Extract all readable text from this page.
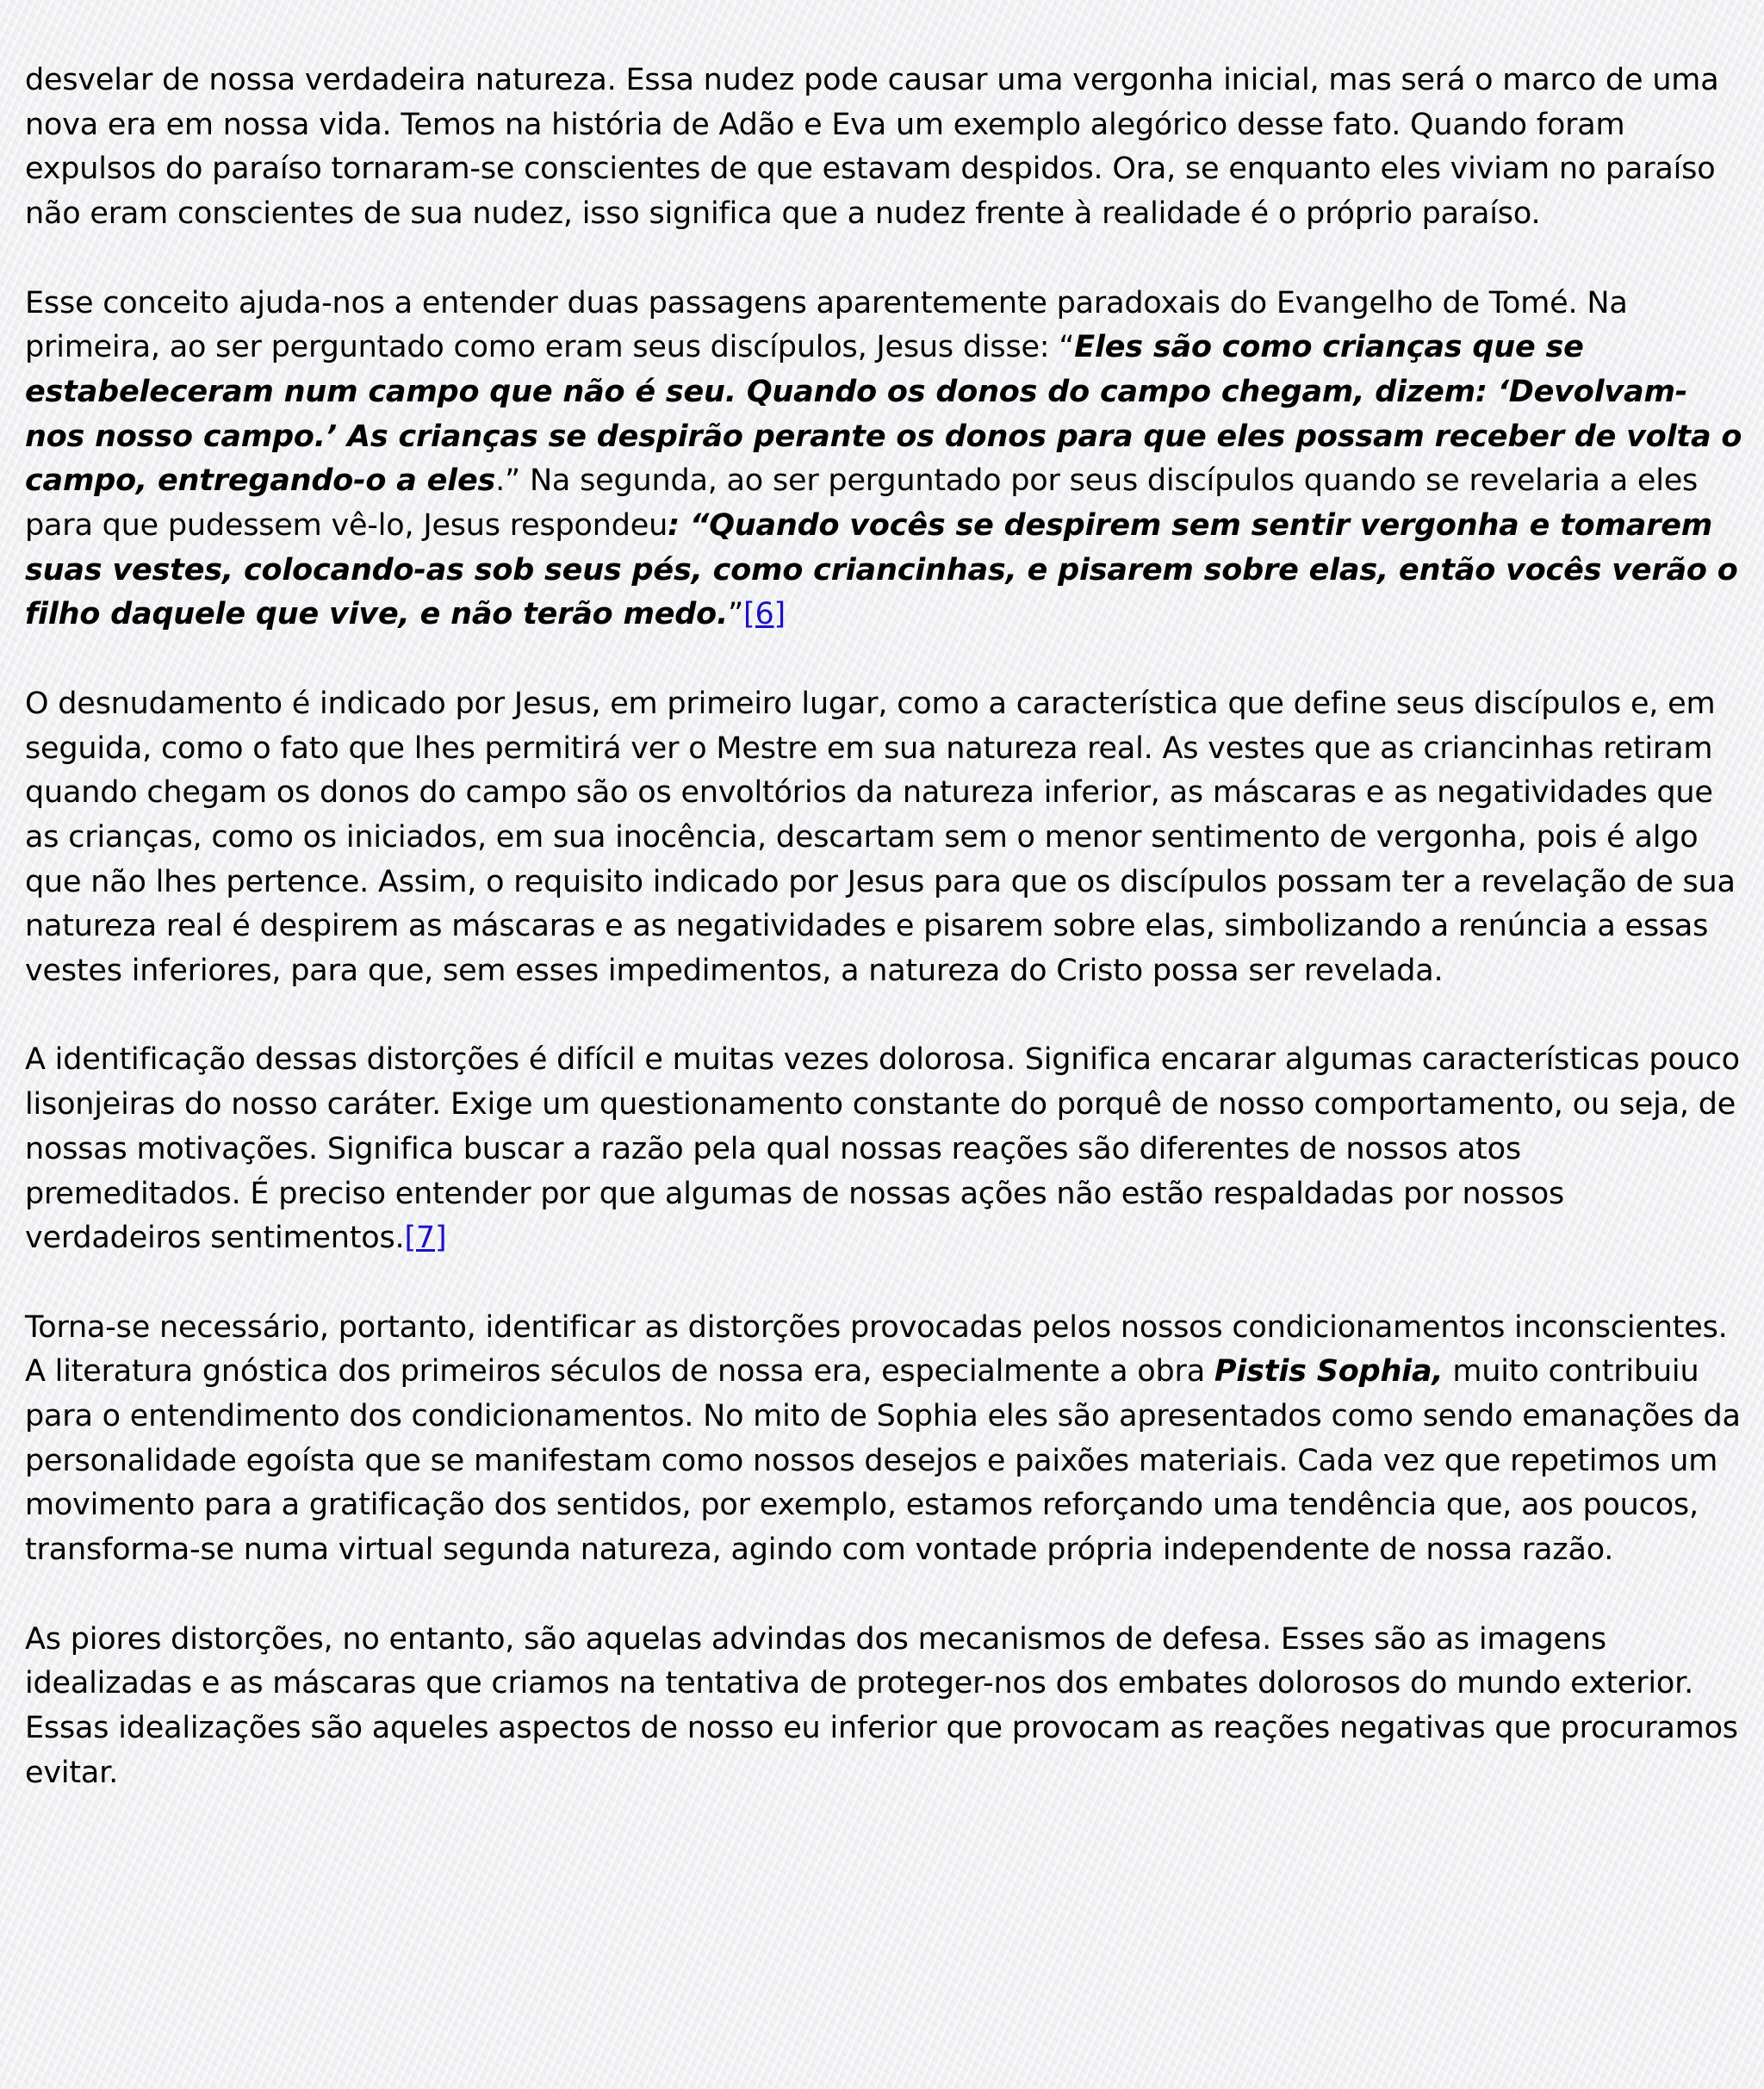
desvelar de nossa verdadeira natureza. Essa nudez pode causar uma vergonha inicial, mas será o marco de uma nova era em nossa vida. Temos na história de Adão e Eva um exemplo alegórico desse fato. Quando foram expulsos do paraíso tornaram-se conscientes de que estavam despidos. Ora, se enquanto eles viviam no paraíso não eram conscientes de sua nudez, isso significa que a nudez frente à realidade é o próprio paraíso.

Esse conceito ajuda-nos a entender duas passagens aparentemente paradoxais do Evangelho de Tomé. Na primeira, ao ser perguntado como eram seus discípulos, Jesus disse: “Eles são como crianças que se estabeleceram num campo que não é seu. Quando os donos do campo chegam, dizem: ‘Devolvam-nos nosso campo.’ As crianças se despirão perante os donos para que eles possam receber de volta o campo, entregando-o a eles.” Na segunda, ao ser perguntado por seus discípulos quando se revelaria a eles para que pudessem vê-lo, Jesus respondeu: “Quando vocês se despirem sem sentir vergonha e tomarem suas vestes, colocando-as sob seus pés, como criancinhas, e pisarem sobre elas, então vocês verão o filho daquele que vive, e não terão medo.”[6]

O desnudamento é indicado por Jesus, em primeiro lugar, como a característica que define seus discípulos e, em seguida, como o fato que lhes permitirá ver o Mestre em sua natureza real. As vestes que as criancinhas retiram quando chegam os donos do campo são os envoltórios da natureza inferior, as máscaras e as negatividades que as crianças, como os iniciados, em sua inocência, descartam sem o menor sentimento de vergonha, pois é algo que não lhes pertence. Assim, o requisito indicado por Jesus para que os discípulos possam ter a revelação de sua natureza real é despirem as máscaras e as negatividades e pisarem sobre elas, simbolizando a renúncia a essas vestes inferiores, para que, sem esses impedimentos, a natureza do Cristo possa ser revelada.

A identificação dessas distorções é difícil e muitas vezes dolorosa. Significa encarar algumas características pouco lisonjeiras do nosso caráter. Exige um questionamento constante do porquê de nosso comportamento, ou seja, de nossas motivações. Significa buscar a razão pela qual nossas reações são diferentes de nossos atos premeditados. É preciso entender por que algumas de nossas ações não estão respaldadas por nossos verdadeiros sentimentos.[7]

Torna-se necessário, portanto, identificar as distorções provocadas pelos nossos condicionamentos inconscientes. A literatura gnóstica dos primeiros séculos de nossa era, especialmente a obra Pistis Sophia, muito contribuiu para o entendimento dos condicionamentos. No mito de Sophia eles são apresentados como sendo emanações da personalidade egoísta que se manifestam como nossos desejos e paixões materiais. Cada vez que repetimos um movimento para a gratificação dos sentidos, por exemplo, estamos reforçando uma tendência que, aos poucos, transforma-se numa virtual segunda natureza, agindo com vontade própria independente de nossa razão.

As piores distorções, no entanto, são aquelas advindas dos mecanismos de defesa. Esses são as imagens idealizadas e as máscaras que criamos na tentativa de proteger-nos dos embates dolorosos do mundo exterior. Essas idealizações são aqueles aspectos de nosso eu inferior que provocam as reações negativas que procuramos evitar.
